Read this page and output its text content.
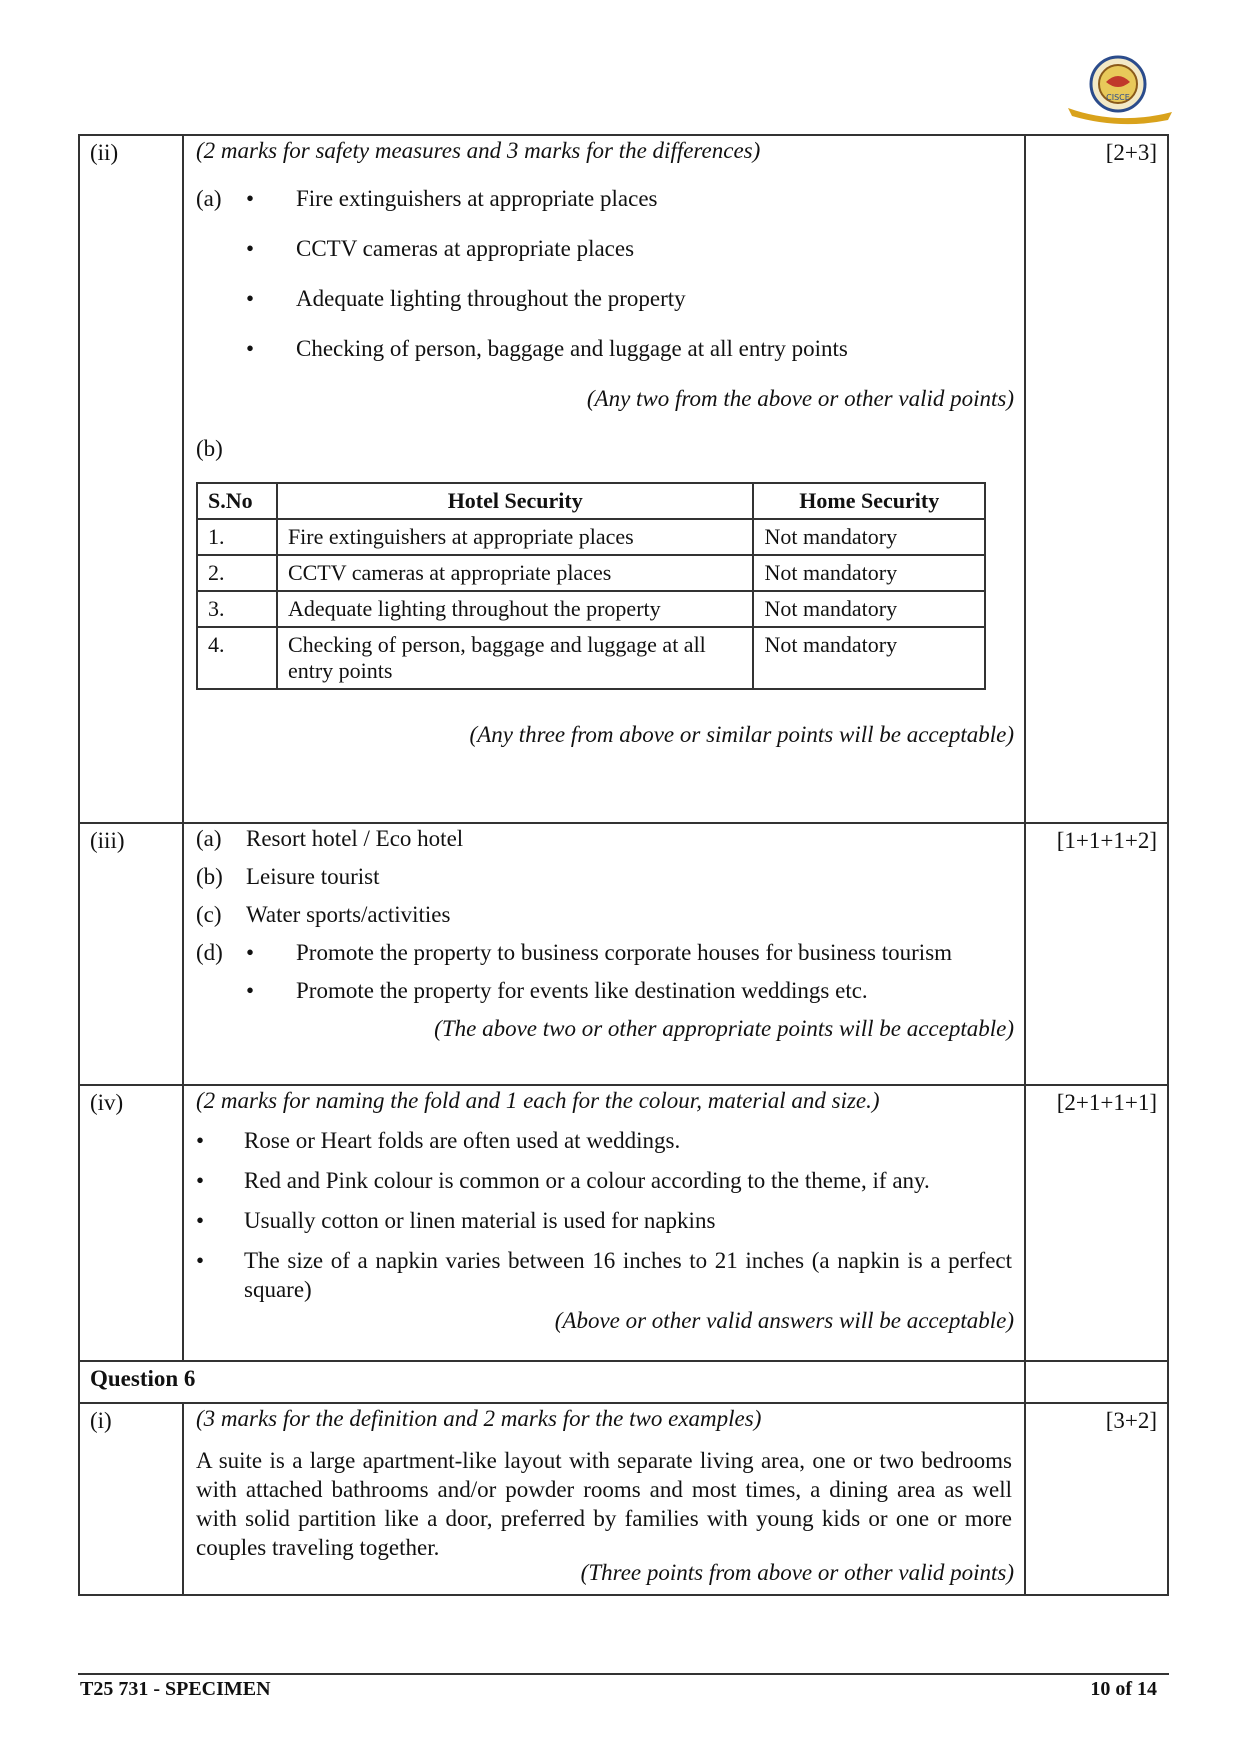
CISCE
(ii)	(2 marks for safety measures and 3 marks for the differences)
(a) • Fire extinguishers at appropriate places
• CCTV cameras at appropriate places
• Adequate lighting throughout the property
• Checking of person, baggage and luggage at all entry points
(Any two from the above or other valid points)
(b)
S.No	Hotel Security	Home Security
1.	Fire extinguishers at appropriate places	Not mandatory
2.	CCTV cameras at appropriate places	Not mandatory
3.	Adequate lighting throughout the property	Not mandatory
4.	Checking of person, baggage and luggage at all entry points	Not mandatory
(Any three from above or similar points will be acceptable)
[2+3]
(iii)	(a) Resort hotel / Eco hotel
(b) Leisure tourist
(c) Water sports/activities
(d) • Promote the property to business corporate houses for business tourism
• Promote the property for events like destination weddings etc.
(The above two or other appropriate points will be acceptable)
[1+1+1+2]
(iv)	(2 marks for naming the fold and 1 each for the colour, material and size.)
• Rose or Heart folds are often used at weddings.
• Red and Pink colour is common or a colour according to the theme, if any.
• Usually cotton or linen material is used for napkins
• The size of a napkin varies between 16 inches to 21 inches (a napkin is a perfect square)
(Above or other valid answers will be acceptable)
[2+1+1+1]
Question 6
(i)	(3 marks for the definition and 2 marks for the two examples)
A suite is a large apartment-like layout with separate living area, one or two bedrooms with attached bathrooms and/or powder rooms and most times, a dining area as well with solid partition like a door, preferred by families with young kids or one or more couples traveling together.
(Three points from above or other valid points)
[3+2]
T25 731 - SPECIMEN	10 of 14
